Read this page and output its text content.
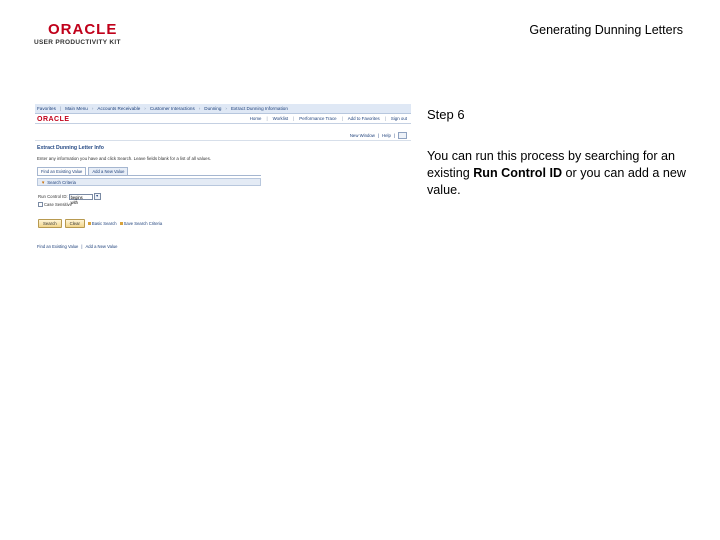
ORACLE
USER PRODUCTIVITY KIT
Generating Dunning Letters
Favorites | Main Menu › Accounts Receivable › Customer Interactions › Dunning › Extract Dunning Information
ORACLE	Home | Worklist | Performance Trace | Add to Favorites | Sign out
New Window | Help |
Extract Dunning Letter Info
Enter any information you have and click Search. Leave fields blank for a list of all values.
Find an Existing Value	Add a New Value
▼ Search Criteria
Run Control ID: begins with
▾
Case Sensitive
Search	Clear	Basic Search Save Search Criteria
Find an Existing Value | Add a New Value
Step 6
You can run this process by searching for an existing Run Control ID or you can add a new value.
